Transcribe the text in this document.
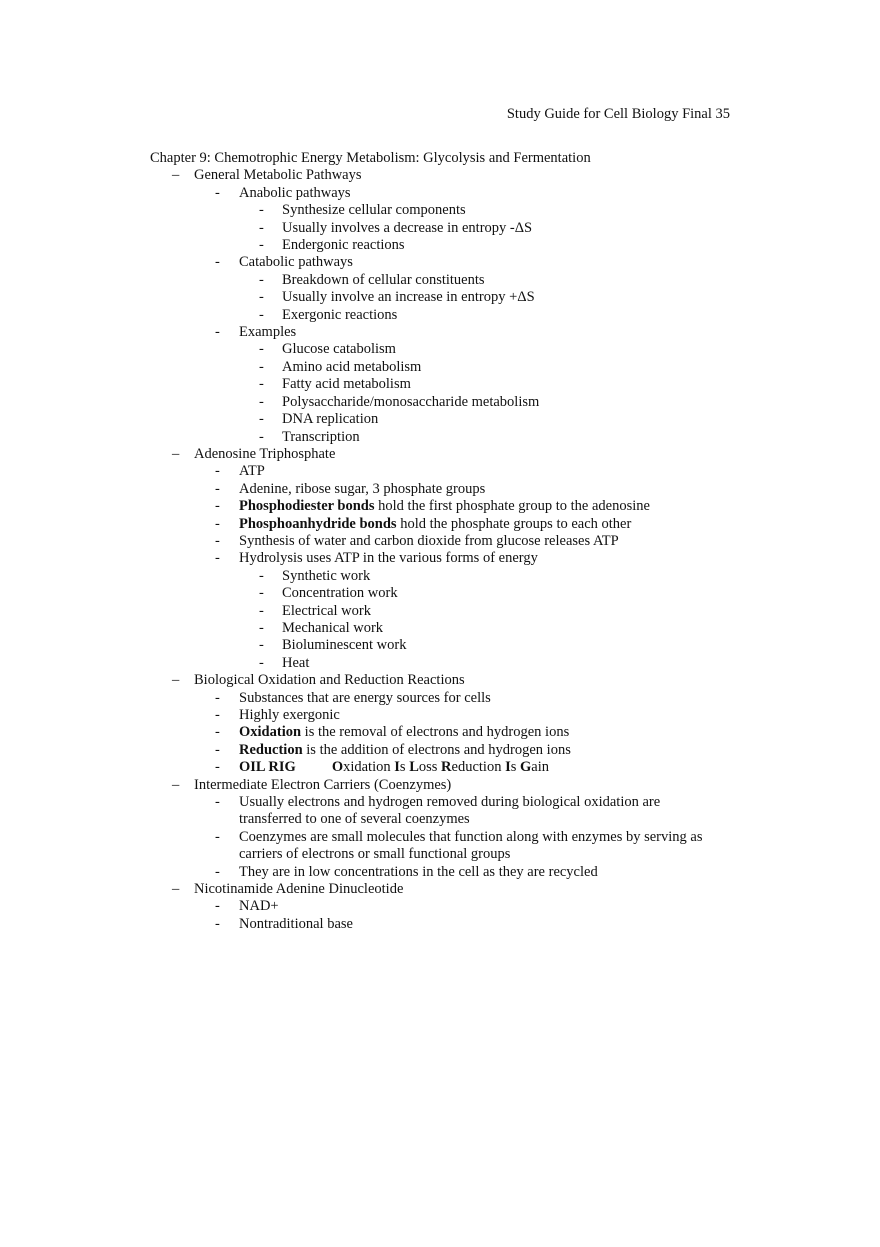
Study Guide for Cell Biology Final 35
Chapter 9: Chemotrophic Energy Metabolism: Glycolysis and Fermentation
– General Metabolic Pathways
- Anabolic pathways
- Synthesize cellular components
- Usually involves a decrease in entropy -ΔS
- Endergonic reactions
- Catabolic pathways
- Breakdown of cellular constituents
- Usually involve an increase in entropy +ΔS
- Exergonic reactions
- Examples
- Glucose catabolism
- Amino acid metabolism
- Fatty acid metabolism
- Polysaccharide/monosaccharide metabolism
- DNA replication
- Transcription
– Adenosine Triphosphate
- ATP
- Adenine, ribose sugar, 3 phosphate groups
- Phosphodiester bonds hold the first phosphate group to the adenosine
- Phosphoanhydride bonds hold the phosphate groups to each other
- Synthesis of water and carbon dioxide from glucose releases ATP
- Hydrolysis uses ATP in the various forms of energy
- Synthetic work
- Concentration work
- Electrical work
- Mechanical work
- Bioluminescent work
- Heat
– Biological Oxidation and Reduction Reactions
- Substances that are energy sources for cells
- Highly exergonic
- Oxidation is the removal of electrons and hydrogen ions
- Reduction is the addition of electrons and hydrogen ions
- OIL RIG Oxidation Is Loss Reduction Is Gain
– Intermediate Electron Carriers (Coenzymes)
- Usually electrons and hydrogen removed during biological oxidation are transferred to one of several coenzymes
- Coenzymes are small molecules that function along with enzymes by serving as carriers of electrons or small functional groups
- They are in low concentrations in the cell as they are recycled
– Nicotinamide Adenine Dinucleotide
- NAD+
- Nontraditional base
